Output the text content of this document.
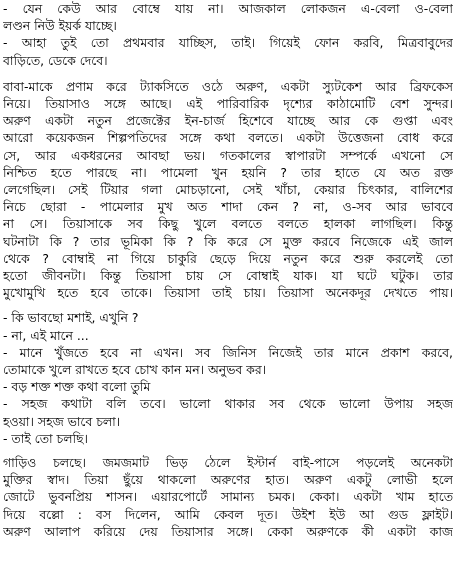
- যেন কেউ আর বোম্বে যায় না। আজকাল লোকজন এ-বেলা ও-বেলা
লণ্ডন নিউ ইয়র্ক যাচ্ছে।
- আহা তুই তো প্রথমবার যাচ্ছিস, তাই। গিয়েই ফোন করবি, মিত্রবাবুদের
বাড়িতে, ডেকে দেবে।
বাবা-মাকে প্রণাম করে ট্যাকসিতে ওঠে অরুণ, একটা স্যুটকেশ আর ব্রিফকেস
নিয়ে। তিয়াসাও সঙ্গে আছে। এই পারিবারিক দৃশ্যের কাঠামোটি বেশ সুন্দর।
অরুণ একটা নতুন প্রজেক্টের ইন-চার্জ হিশেবে যাচ্ছে আর কে গুপ্তা এবং
আরো কয়েকজন শিল্পপতিদের সঙ্গে কথা বলতে। একটা উত্তেজনা বোধ করে
সে, আর একধরনের আবছা ভয়। গতকালের স্বাপারটা সম্পর্কে এখনো সে
নিশ্চিত হতে পারছে না। পামেলা খুন হয়নি ? তার হাতে যে অত রক্ত
লেগেছিল। সেই টিয়ার গলা মোচড়ানো, সেই খাঁচা, কেয়ার চিৎকার, বালিশের
নিচে ছোরা - পামেলার মুখ অত শাদা কেন ? না, ও-সব আর ভাববে
না সে। তিয়াসাকে সব কিছু খুলে বলতে বলতে হালকা লাগছিল। কিন্তু
ঘটনাটা কি ? তার ভূমিকা কি ? কি করে সে মুক্ত করবে নিজেকে এই জাল
থেকে ? বোম্বাই না গিয়ে চাকুরি ছেড়ে দিয়ে নতুন করে শুরু করলেই তো
হতো জীবনটা। কিন্তু তিয়াসা চায় সে বোম্বাই যাক। যা ঘটে ঘটুক। তার
মুখোমুখি হতে হবে তাকে। তিয়াসা তাই চায়। তিয়াসা অনেকদূর দেখতে পায়।
- কি ভাবছো মশাই, এখুনি ?
- না, এই মানে ...
- মানে খুঁজতে হবে না এখন। সব জিনিস নিজেই তার মানে প্রকাশ করবে,
তোমাকে খুলে রাখতে হবে চোখ কান মন। অনুভব কর।
- বড় শক্ত শক্ত কথা বলো তুমি
- সহজ কথাটা বলি তবে। ভালো থাকার সব থেকে ভালো উপায় সহজ
হওয়া। সহজ ভাবে চলা।
- তাই তো চলছি।
গাড়িও চলছে। জমজমাট ভিড় ঠেলে ইস্টার্ন বাই-পাসে পড়লেই অনেকটা
মুক্তির স্বাদ। তিয়া ছুঁয়ে থাকলো অরুণের হাত। অরুণ একটু লোভী হলে
জোটে ভুবনপ্রিয় শাসন। এয়ারপোর্টে সামান্য চমক। কেকা। একটা খাম হাতে
দিয়ে বল্লো : বস দিলেন, আমি কেবল দূত। উইশ ইউ আ গুড ফ্লাইট।
অরুণ আলাপ করিয়ে দেয় তিয়াসার সঙ্গে। কেকা অরুণকে কী একটা কাজ
